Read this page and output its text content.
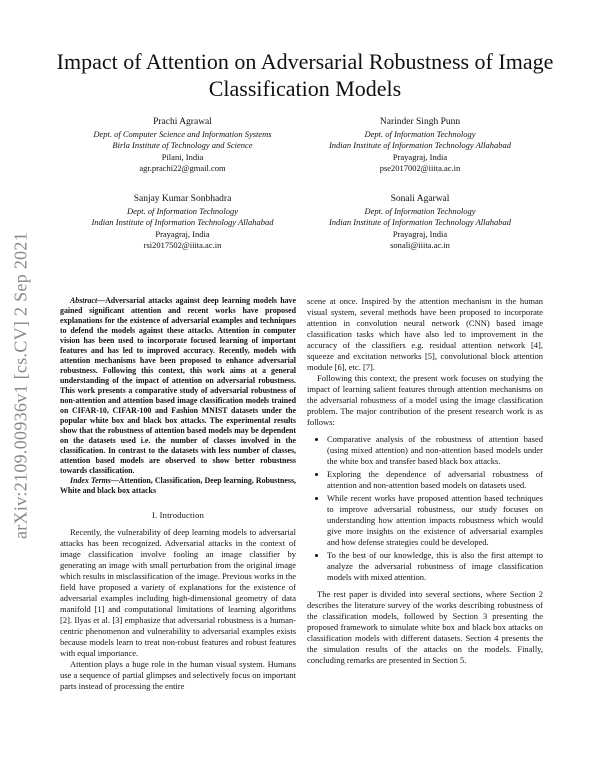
arXiv:2109.00936v1 [cs.CV] 2 Sep 2021
Impact of Attention on Adversarial Robustness of Image Classification Models
Prachi Agrawal
Dept. of Computer Science and Information Systems
Birla Institute of Technology and Science
Pilani, India
agr.prachi22@gmail.com
Narinder Singh Punn
Dept. of Information Technology
Indian Institute of Information Technology Allahabad
Prayagraj, India
pse2017002@iiita.ac.in
Sanjay Kumar Sonbhadra
Dept. of Information Technology
Indian Institute of Information Technology Allahabad
Prayagraj, India
rsi2017502@iiita.ac.in
Sonali Agarwal
Dept. of Information Technology
Indian Institute of Information Technology Allahabad
Prayagraj, India
sonali@iiita.ac.in

Abstract—Adversarial attacks against deep learning models have gained significant attention and recent works have proposed explanations for the existence of adversarial examples and techniques to defend the models against these attacks. Attention in computer vision has been used to incorporate focused learning of important features and has led to improved accuracy. Recently, models with attention mechanisms have been proposed to enhance adversarial robustness. Following this context, this work aims at a general understanding of the impact of attention on adversarial robustness. This work presents a comparative study of adversarial robustness of non-attention and attention based image classification models trained on CIFAR-10, CIFAR-100 and Fashion MNIST datasets under the popular white box and black box attacks. The experimental results show that the robustness of attention based models may be dependent on the datasets used i.e. the number of classes involved in the classification. In contrast to the datasets with less number of classes, attention based models are observed to show better robustness towards classification.

Index Terms—Attention, Classification, Deep learning, Robustness, White and black box attacks

I. Introduction

Recently, the vulnerability of deep learning models to adversarial attacks has been recognized. Adversarial attacks in the context of image classification involve fooling an image classifier by generating an image with small perturbation from the original image which results in misclassification of the image. Previous works in the field have proposed a variety of explanations for the existence of adversarial examples including high-dimensional geometry of data manifold [1] and computational limitations of learning algorithms [2]. Ilyas et al. [3] emphasize that adversarial robustness is a human-centric phenomenon and vulnerability to adversarial examples exists because models learn to treat non-robust features and robust features with equal importance.

Attention plays a huge role in the human visual system. Humans use a sequence of partial glimpses and selectively focus on important parts instead of processing the entire

scene at once. Inspired by the attention mechanism in the human visual system, several methods have been proposed to incorporate attention in convolution neural network (CNN) based image classification tasks which have also led to improvement in the accuracy of the classifiers e.g. residual attention network [4], squeeze and excitation networks [5], convolutional block attention module [6], etc. [7].

Following this context, the present work focuses on studying the impact of learning salient features through attention mechanisms on the adversarial robustness of a model using the image classification problem. The major contribution of the present research work is as follows:

• Comparative analysis of the robustness of attention based (using mixed attention) and non-attention based models under the white box and transfer based black box attacks.
• Exploring the dependence of adversarial robustness of attention and non-attention based models on datasets used.
• While recent works have proposed attention based techniques to improve adversarial robustness, our study focuses on understanding how attention impacts robustness which would give more insights on the existence of adversarial examples and how defense strategies could be developed.
• To the best of our knowledge, this is also the first attempt to analyze the adversarial robustness of image classification models with mixed attention.

The rest paper is divided into several sections, where Section 2 describes the literature survey of the works describing robustness of the classification models, followed by Section 3 presenting the proposed framework to simulate white box and black box attacks on classification models with different datasets. Section 4 presents the the simulation results of the attacks on the models. Finally, concluding remarks are presented in Section 5.
